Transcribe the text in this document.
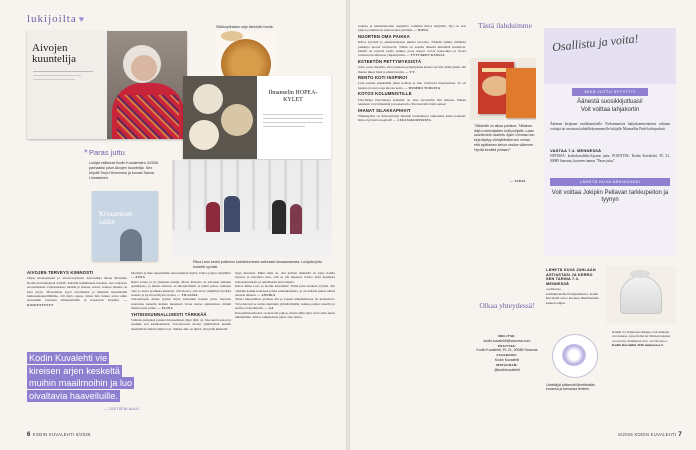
lukijoilta ♥
Aivojen kuuntelija
Stiikkopiirakan ohje ilahdutti monia.
Ilmanselin HOPEA-KYLET
Paras juttu
Lukijat valitsivat Kodin Kuvalehden 4/2026 parhaaksi jutun Aivojen kuuntelija. Sen kirjoitti Terja Hirvensmo ja kuvasi Sanna Liimatainen.
♥
Kivaamisen taidot
Riina Leso kertoi puikkimo kahdintumesta vaikeaste kiusaamisesta. Lukijoita juttu kosketti syvästi.

AIVOJEN TERVEYS KIINNOSTI

Ohjaa monisteisesti ja aivoterveydestä. Aivotutkija Mona Moisalan Kodin Kuvalehdessä 4/2026. Tekstiin tutkimusten tulokset, että valkoisia suorastakusta volkoiseisissa mentiä ja kutsua, kasvu, kanten hauska on kiva myös. Moisalahan kyyä aivoitkekin ja hehkeän tieteellisillä kumuustusteerillämme. Oli myös upeaa, miten hän tuntuu avata entin aiesessään laanteen laimensimullä ja haastavan kirjoille. — KOSKETTUNUT
Kodin Kuvalehti vie kireisen arjen keskeltä muihin maailmoihin ja luo oivaltavia haaveiluille.
— JOUTSENLAULU
käyttöön ja ihan tarpeellisiin tueta hieman myösi. Kiitos paljon tekijöille! — ANNA
Ihana Jonna ja eri jäsenten tutkija. Mona Moisala on erilaisen tutkijan ajattelijana, ja hänen taitonsa on mielettömästi ja pätkä paluu. Aamuna olen jo uusia ajatuksia keksinyt. Oli hienoa, että aivot tykkäävät hyvästä ruuasta ja hyvin levätystä oloista. — TILASSIA
Tohvaintasen mussi tyytiin myös kuitenkin hauska juttu. Suoraan sanottuna katselin kuinka hauskasti Ivana kuvaa ajatuksiaan, minkä mietin uutta juttua. — ELINA

YHTEISKUNNALLISESTI TÄRKEÄÄ

Valitsin parhaaksi jutuksi Kiusaamisen jäljet (KK 4). Joka kerta uskon ja teemme sen kaunistamaan. Toivottavasti monet ymmärtävät kuinka merkittäviä aiheita nämä ovat. Vaikka aihe on ikävä, sitä pitää käsitellä.
tippa linssissä. Mikä siinä on, että joillain ihmisillä on kyky hallita huonoa ja kirjoittaa niin, että se jää mieleen. Kiitos tästä kauniista kokonaisuudesta ja rehellisestä kerronnasta.
Kiitos Riina Leso ja Kodin Kuvalehti! Tämä juttu kosketti syvästi. Me olemme kaikki kokeneet jotain samankaltaista, ja on tärkeää puhua näistä asioista ääneen. — ANNIKA
Tarina kiusaamista perheen äiti ja lapsen näkökulmasta oli koskettava. Toivottavasti se auttaa muitakin ymmärtämään, kuinka paljon sanoilla ja teoilla on merkitystä. — AA
Kiusaamisteemoista on kerrottu paljon, mutta tämä juttu nosti esiin uusia näkökulmia. Kiitos rohkeudesta jakaa oma tarina.
6 KODIN KUVALEHTI 6/2026
sauksia ja keksimattomia ongelmia. Lämmin kiitos tekijöille. Nyt on taas paljon pohdittavaa seuraavaksi päiväksi. — RIPSA

NUORTEN OMA PAIKKA

Kiitos hyvästä ja ajankohtaisesta jutusta nuorista. Tärkeää nähdä, millaisia paikkoja nuoret tarvitsevat. Tähän on todella tärkeää kiinnittää huomiota. Meillä on tarvetta saada paikka, jossa nuoret voivat kokoontua ja tavata toisiaan turvallisessa ympäristössä. — TYTTÄREN KANSSA

ESTEETÖN PETTYMYKSISTÄ

Jutta, jossa ohjattiin, ettei jokaisen pettymyksen kanssa tarvitse jäädä yksin. Oli ihanaa lukea tästä ja päästä kotiin. — T.T.

RENTO KOTI INSPIROI

Luin saadun pelkästään jutun kodista ja sain valtavasti inspiraatiota. Se oli hauska ja rento tapa kuvata kotia. — MUMMO TURUSTA

KOTOS KOLUMNISTILLE

Ulla-Maija Paavilaisen kolumni on aina tervetullut lisä lehteen. Hänen tekstinsä ovat lämpimiä ja koskettavia. Ensi kerralla lisää samaa!

IHANAT SILAKKAPIHVIT

Silakkapihvi on ilmestyttänyt minulle uudenlaisen rakkauden kalaa kohtaan. Kiitos hyvästä reseptistä! — LUKIJAKOOPIOSTA
Tästä ilahduimme
"Siikkeelli on aikaa panikoa. Tällainen lätyt ruokiontjaiden kotti pohjalle. Lastu sauhiisnest vaatiela. Ajam Ummaa-hon kirja täyttyy viihdyttävästi sen verran, että ajoittainen kehon rasitus vähenee. Hyvää kevättä juhlaan!"
— TARJA
Olkaa yhteydessä!
MEILITSE:
kodin.kuvalehti@sanoma.com
POSTITSE:
Kodin Kuvalehti, PL 21, 00089 Sanoma
FACEBOOK:
Kodin Kuvalehti
INSTAGRAM:
@kodinkuvalehti
Osallistu ja voita!
MIKÄ JUTTU SYTYTTI?
Äänestä suosikkijuttuasi!
Voit voittaa lahjakortin
Ääninne kirjataan vaalikomitealle. Parhaimmista lukijakommenteista valitaan voittaja tai arvotaan kahdellekymmenelle lukijalle Mamsellin Pinfi-kahvipaketti.
VASTAA 7.4. MENNESSÄ
NETISSÄ: kodinkuvalehti.fi/paras juttu. POSTITSE: Kodin Kuvalehti, PL 21, 00089 Sanoma, kuoreen tunnus "Paras juttu".
LÄHETÄ KUVA ARKIKUVASI
Voit voittaa Jokipiin Pellavan tarkkupeiton ja tyynyn

LÄHETÄ KUVA JUHLAAN ASTIASTASI JA KERRO SEN TARINA 7.4. MENNESSÄ

osoitteessa kodinkuvalehti.fi/lukijaltakuva. Kodin Kuvalehti arvoo kuvansa lähettäneiden kesken lahjan.
Lähettäjät pääsevät lähettämään kuvansa ja tarinansa lehteen.
Kaikki 3,5 miljoonaa lukijaa ovat mukana arvonnassa, jossa Pellavan Tehtaan lakanat on arvottu. Palkinnon arvo on 232 euroa. Kodin Kuvalehti 2026 numerossa 5.
6/2026 KODIN KUVALEHTI 7
